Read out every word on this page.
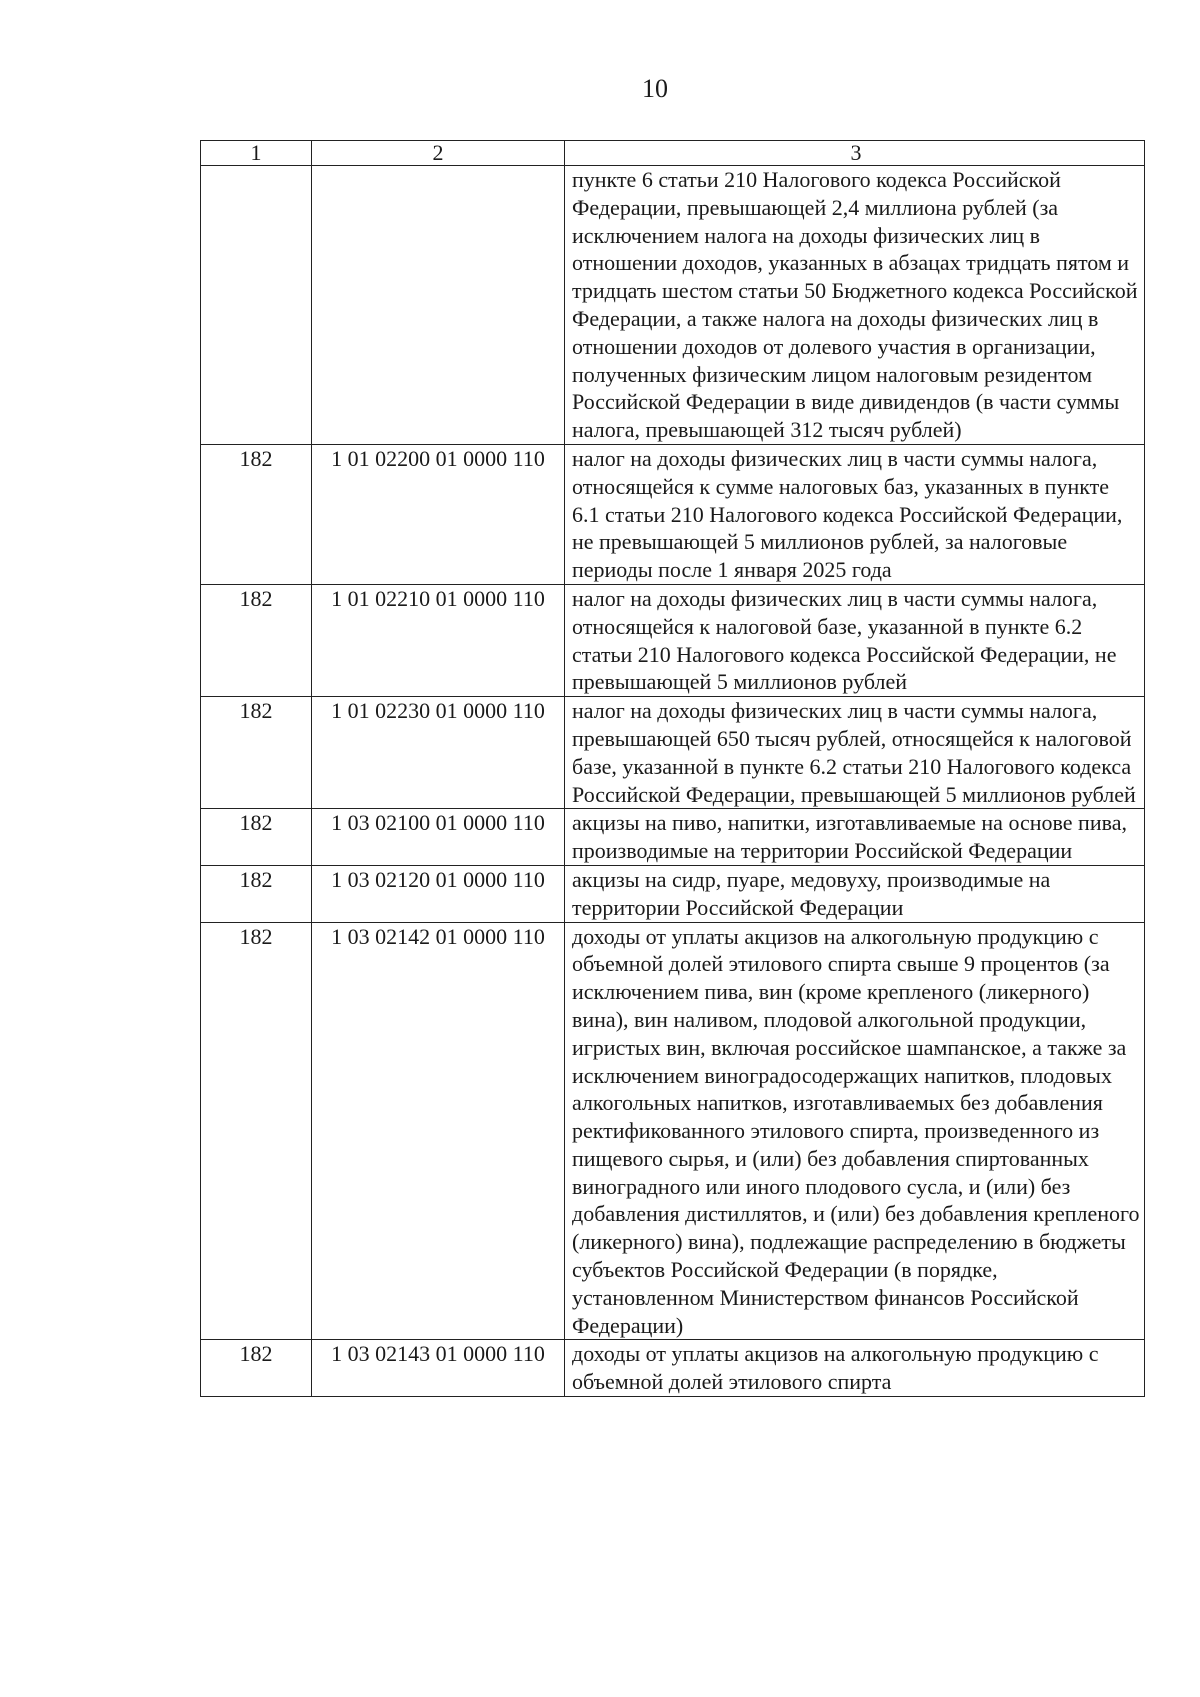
10
1	2	3
		пункте 6 статьи 210 Налогового кодекса Российской Федерации, превышающей 2,4 миллиона рублей (за исключением налога на доходы физических лиц в отношении доходов, указанных в абзацах тридцать пятом и тридцать шестом статьи 50 Бюджетного кодекса Российской Федерации, а также налога на доходы физических лиц в отношении доходов от долевого участия в организации, полученных физическим лицом налоговым резидентом Российской Федерации в виде дивидендов (в части суммы налога, превышающей 312 тысяч рублей)
182	1 01 02200 01 0000 110	налог на доходы физических лиц в части суммы налога, относящейся к сумме налоговых баз, указанных в пункте 6.1 статьи 210 Налогового кодекса Российской Федерации, не превышающей 5 миллионов рублей, за налоговые периоды после 1 января 2025 года
182	1 01 02210 01 0000 110	налог на доходы физических лиц в части суммы налога, относящейся к налоговой базе, указанной в пункте 6.2 статьи 210 Налогового кодекса Российской Федерации, не превышающей 5 миллионов рублей
182	1 01 02230 01 0000 110	налог на доходы физических лиц в части суммы налога, превышающей 650 тысяч рублей, относящейся к налоговой базе, указанной в пункте 6.2 статьи 210 Налогового кодекса Российской Федерации, превышающей 5 миллионов рублей
182	1 03 02100 01 0000 110	акцизы на пиво, напитки, изготавливаемые на основе пива, производимые на территории Российской Федерации
182	1 03 02120 01 0000 110	акцизы на сидр, пуаре, медовуху, производимые на территории Российской Федерации
182	1 03 02142 01 0000 110	доходы от уплаты акцизов на алкогольную продукцию с объемной долей этилового спирта свыше 9 процентов (за исключением пива, вин (кроме крепленого (ликерного) вина), вин наливом, плодовой алкогольной продукции, игристых вин, включая российское шампанское, а также за исключением виноградосодержащих напитков, плодовых алкогольных напитков, изготавливаемых без добавления ректификованного этилового спирта, произведенного из пищевого сырья, и (или) без добавления спиртованных виноградного или иного плодового сусла, и (или) без добавления дистиллятов, и (или) без добавления крепленого (ликерного) вина), подлежащие распределению в бюджеты субъектов Российской Федерации (в порядке, установленном Министерством финансов Российской Федерации)
182	1 03 02143 01 0000 110	доходы от уплаты акцизов на алкогольную продукцию с объемной долей этилового спирта
